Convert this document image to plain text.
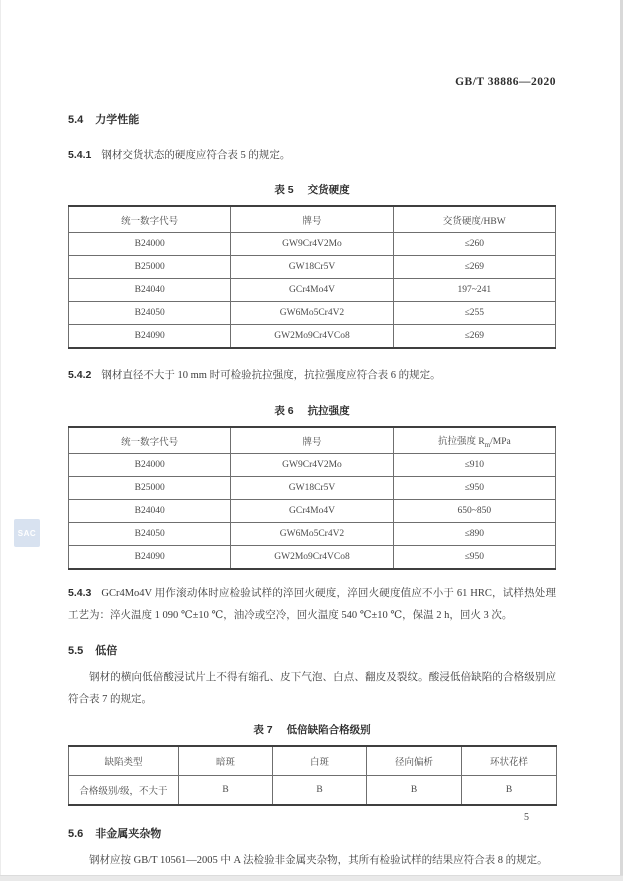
SAC
GB/T 38886—2020
5.4 力学性能

5.4.1 钢材交货状态的硬度应符合表 5 的规定。

表 5 交货硬度
统一数字代号	牌号	交货硬度/HBW
B24000	GW9Cr4V2Mo	≤260
B25000	GW18Cr5V	≤269
B24040	GCr4Mo4V	197~241
B24050	GW6Mo5Cr4V2	≤255
B24090	GW2Mo9Cr4VCo8	≤269

5.4.2 钢材直径不大于 10 mm 时可检验抗拉强度，抗拉强度应符合表 6 的规定。

表 6 抗拉强度
统一数字代号	牌号	抗拉强度 $R_m$/MPa
B24000	GW9Cr4V2Mo	≤910
B25000	GW18Cr5V	≤950
B24040	GCr4Mo4V	650~850
B24050	GW6Mo5Cr4V2	≤890
B24090	GW2Mo9Cr4VCo8	≤950

5.4.3 GCr4Mo4V 用作滚动体时应检验试样的淬回火硬度，淬回火硬度值应不小于 61 HRC，试样热处理工艺为：淬火温度 1 090 ℃±10 ℃，油冷或空冷，回火温度 540 ℃±10 ℃，保温 2 h，回火 3 次。

5.5 低倍

钢材的横向低倍酸浸试片上不得有缩孔、皮下气泡、白点、翻皮及裂纹。酸浸低倍缺陷的合格级别应符合表 7 的规定。

表 7 低倍缺陷合格级别
缺陷类型	暗斑	白斑	径向偏析	环状花样
合格级别/级，不大于	B	B	B	B
5.6 非金属夹杂物

钢材应按 GB/T 10561—2005 中 A 法检验非金属夹杂物，其所有检验试样的结果应符合表 8 的规定。

5
